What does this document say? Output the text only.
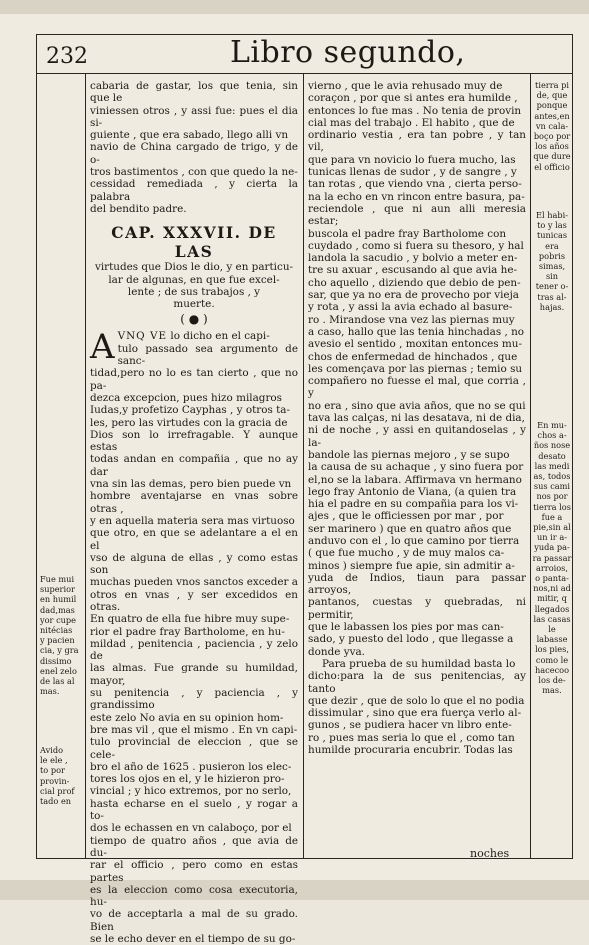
232	Libro segundo,

cabaria de gastar, los que tenia, sin que le
viniessen otros , y assi fue: pues el dia si-
guiente , que era sabado, llego alli vn
navio de China cargado de trigo, y de o-
tros bastimentos , con que quedo la ne-
cessidad remediada , y cierta la palabra
del bendito padre.

CAP. XXXVII. DE LAS
virtudes que Dios le dio, y en particu-
lar de algunas, en que fue excel-
lente ; de sus trabajos , y
muerte.
( ● )

AVNQ VE lo dicho en el capi-
tulo passado sea argumento de sanc-
tidad,pero no lo es tan cierto , que no pa-
dezca excepcion, pues hizo milagros
Iudas,y profetizo Cayphas , y otros ta-
les, pero las virtudes con la gracia de
Dios son lo irrefragable. Y aunque estas
todas andan en compañia , que no ay dar
vna sin las demas, pero bien puede vn
hombre aventajarse en vnas sobre otras ,
y en aquella materia sera mas virtuoso
que otro, en que se adelantare a el en el
vso de alguna de ellas , y como estas son
muchas pueden vnos sanctos exceder a
otros en vnas , y ser excedidos en otras.
En quatro de ella fue hibre muy supe-
rior el padre fray Bartholome, en hu-
mildad , penitencia , paciencia , y zelo de
las almas. Fue grande su humildad, mayor,
su penitencia , y paciencia , y grandissimo
este zelo No avia en su opinion hom-
bre mas vil , que el mismo . En vn capi-
tulo provincial de eleccion , que se cele-
bro el año de 1625 . pusieron los elec-
tores los ojos en el, y le hizieron pro-
vincial ; y hico extremos, por no serlo,
hasta echarse en el suelo , y rogar a to-
dos le echassen en vn calaboço, por el
tiempo de quatro años , que avia de du-
rar el officio , pero como en estas partes
es la eleccion como cosa executoria, hu-
vo de acceptarla a mal de su grado. Bien
se le echo dever en el tiempo de su go-

vierno , que le avia rehusado muy de
coraçon , por que si antes era humilde ,
entonces lo fue mas . No tenia de provin
cial mas del trabajo . El habito , que de
ordinario vestia , era tan pobre , y tan vil,
que para vn novicio lo fuera mucho, las
tunicas llenas de sudor , y de sangre , y
tan rotas , que viendo vna , cierta perso-
na la echo en vn rincon entre basura, pa-
reciendole , que ni aun alli meresia estar;
buscola el padre fray Bartholome con
cuydado , como si fuera su thesoro, y hal
landola la sacudio , y bolvio a meter en-
tre su axuar , escusando al que avia he-
cho aquello , diziendo que debio de pen-
sar, que ya no era de provecho por vieja
y rota , y assi la avia echado al basure-
ro . Mirandose vna vez las piernas muy
a caso, hallo que las tenia hinchadas , no
avesio el sentido , moxitan entonces mu-
chos de enfermedad de hinchados , que
les començava por las piernas ; temio su
compañero no fuesse el mal, que corria , y
no era , sino que avia años, que no se qui
tava las calças, ni las desatava, ni de dia,
ni de noche , y assi en quitandoselas , y la-
bandole las piernas mejoro , y se supo
la causa de su achaque , y sino fuera por
el,no se la labara. Affirmava vn hermano
lego fray Antonio de Viana, (a quien tra
hia el padre en su compañia para los vi-
ajes , que le officiessen por mar , por
ser marinero ) que en quatro años que
anduvo con el , lo que camino por tierra
( que fue mucho , y de muy malos ca-
minos ) siempre fue apie, sin admitir a-
yuda de Indios, tiaun para passar arroyos,
pantanos, cuestas y quebradas, ni permitir,
que le labassen los pies por mas can-
sado, y puesto del lodo , que llegasse a
donde yva.

Para prueba de su humildad basta lo
dicho:para la de sus penitencias, ay tanto
que dezir , que de solo lo que el no podia
dissimular , sino que era fuerça verlo al-
gunos , se pudiera hacer vn libro ente-
ro , pues mas seria lo que el , como tan
humilde procuraria encubrir. Todas las

Fue mui
superior
en humil
dad,mas
yor cupe
nitécias
y pacien
cia, y gra
dissimo
enel zelo
de las al
mas.
Avido
le ele ,
to por
provin-
cial prof
tado en
tierra pi
de, que
ponque
antes,en
vn cala-
boço por
los años
que dure
el officio
El habi-
to y las
tunicas
era pobris
simas, sin
tener o-
tras al-
hajas.
En mu-
chos a-
ños nose
desato
las medi
as, todos
sus cami
nos por
tierra los
fue a
pie,sin al
un ir a-
yuda pa-
ra passar
arroios,
o panta-
nos,ni ad
mitir, q
llegados
las casas
le labasse
los pies,
como le
hacecoo
los de-
mas.
noches
